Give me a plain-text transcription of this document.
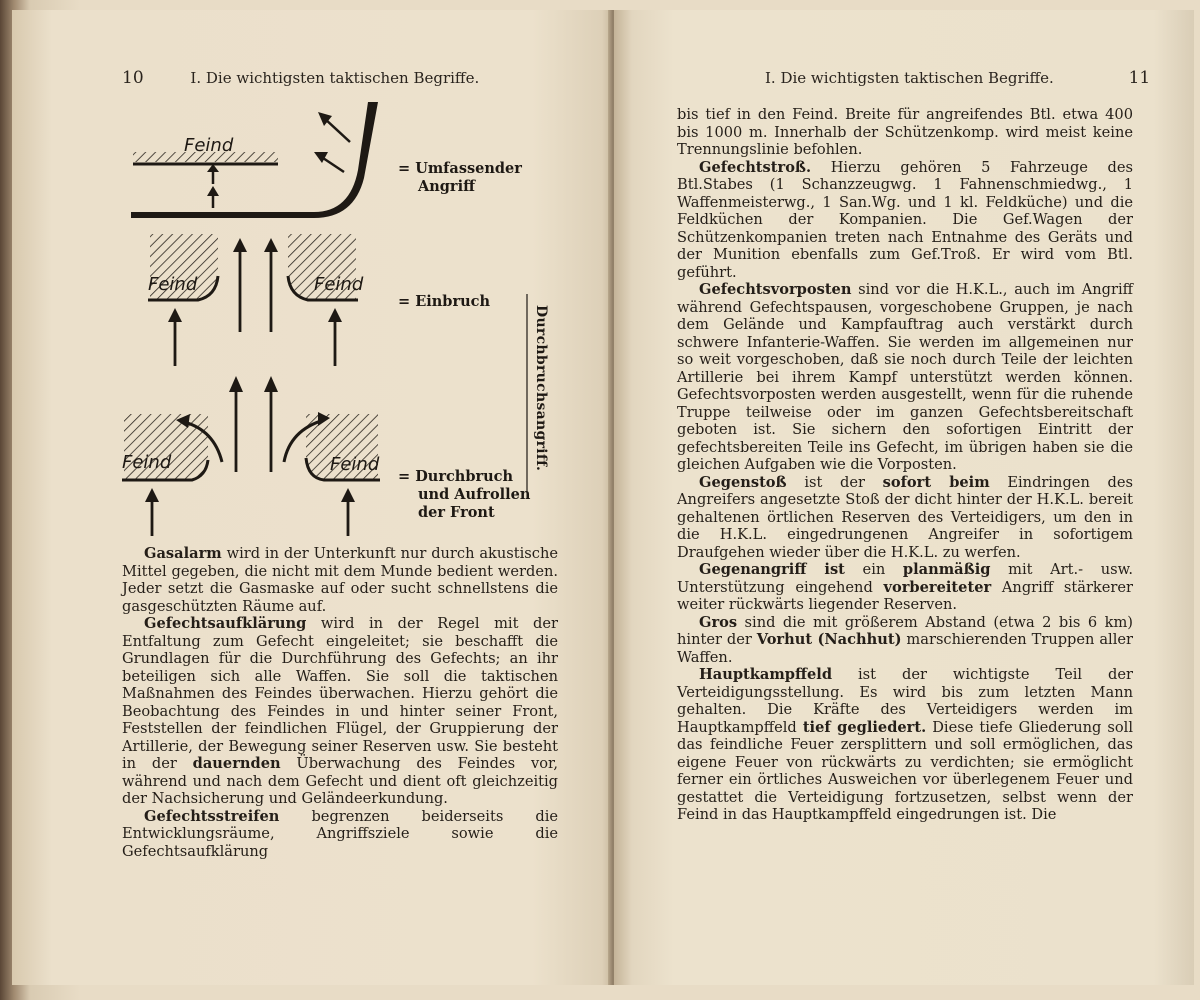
10	I. Die wichtigsten taktischen Begriffe.	I. Die wichtigsten taktischen Begriffe.	11
Feind
Feind	Feind
Feind	Feind
= Umfassender
Angriff
= Einbruch
= Durchbruch
und Aufrollen
der Front
Durchbruchsangriff.

Gasalarm wird in der Unterkunft nur durch akustische Mittel gegeben, die nicht mit dem Munde bedient werden. Jeder setzt die Gasmaske auf oder sucht schnellstens die gasgeschützten Räume auf.

Gefechtsaufklärung wird in der Regel mit der Entfaltung zum Gefecht eingeleitet; sie beschafft die Grundlagen für die Durchführung des Gefechts; an ihr beteiligen sich alle Waffen. Sie soll die taktischen Maßnahmen des Feindes überwachen. Hierzu gehört die Beobachtung des Feindes in und hinter seiner Front, Feststellen der feindlichen Flügel, der Gruppierung der Artillerie, der Bewegung seiner Reserven usw. Sie besteht in der dauernden Überwachung des Feindes vor, während und nach dem Gefecht und dient oft gleichzeitig der Nachsicherung und Geländeerkundung.

Gefechtsstreifen begrenzen beiderseits die Entwicklungsräume, Angriffsziele sowie die Gefechtsaufklärung

bis tief in den Feind. Breite für angreifendes Btl. etwa 400 bis 1000 m. Innerhalb der Schützenkomp. wird meist keine Trennungslinie befohlen.

Gefechtstroß. Hierzu gehören 5 Fahrzeuge des Btl.Stabes (1 Schanzzeugwg. 1 Fahnenschmiedwg., 1 Waffenmeisterwg., 1 San.Wg. und 1 kl. Feldküche) und die Feldküchen der Kompanien. Die Gef.Wagen der Schützenkompanien treten nach Entnahme des Geräts und der Munition ebenfalls zum Gef.Troß. Er wird vom Btl. geführt.

Gefechtsvorposten sind vor die H.K.L., auch im Angriff während Gefechtspausen, vorgeschobene Gruppen, je nach dem Gelände und Kampfauftrag auch verstärkt durch schwere Infanterie-Waffen. Sie werden im allgemeinen nur so weit vorgeschoben, daß sie noch durch Teile der leichten Artillerie bei ihrem Kampf unterstützt werden können. Gefechtsvorposten werden ausgestellt, wenn für die ruhende Truppe teilweise oder im ganzen Gefechtsbereitschaft geboten ist. Sie sichern den sofortigen Eintritt der gefechtsbereiten Teile ins Gefecht, im übrigen haben sie die gleichen Aufgaben wie die Vorposten.

Gegenstoß ist der sofort beim Eindringen des Angreifers angesetzte Stoß der dicht hinter der H.K.L. bereit gehaltenen örtlichen Reserven des Verteidigers, um den in die H.K.L. eingedrungenen Angreifer in sofortigem Draufgehen wieder über die H.K.L. zu werfen.

Gegenangriff ist ein planmäßig mit Art.- usw. Unterstützung eingehend vorbereiteter Angriff stärkerer weiter rückwärts liegender Reserven.

Gros sind die mit größerem Abstand (etwa 2 bis 6 km) hinter der Vorhut (Nachhut) marschierenden Truppen aller Waffen.

Hauptkampffeld ist der wichtigste Teil der Verteidigungsstellung. Es wird bis zum letzten Mann gehalten. Die Kräfte des Verteidigers werden im Hauptkampffeld tief gegliedert. Diese tiefe Gliederung soll das feindliche Feuer zersplittern und soll ermöglichen, das eigene Feuer von rückwärts zu verdichten; sie ermöglicht ferner ein örtliches Ausweichen vor überlegenem Feuer und gestattet die Verteidigung fortzusetzen, selbst wenn der Feind in das Hauptkampffeld eingedrungen ist. Die
